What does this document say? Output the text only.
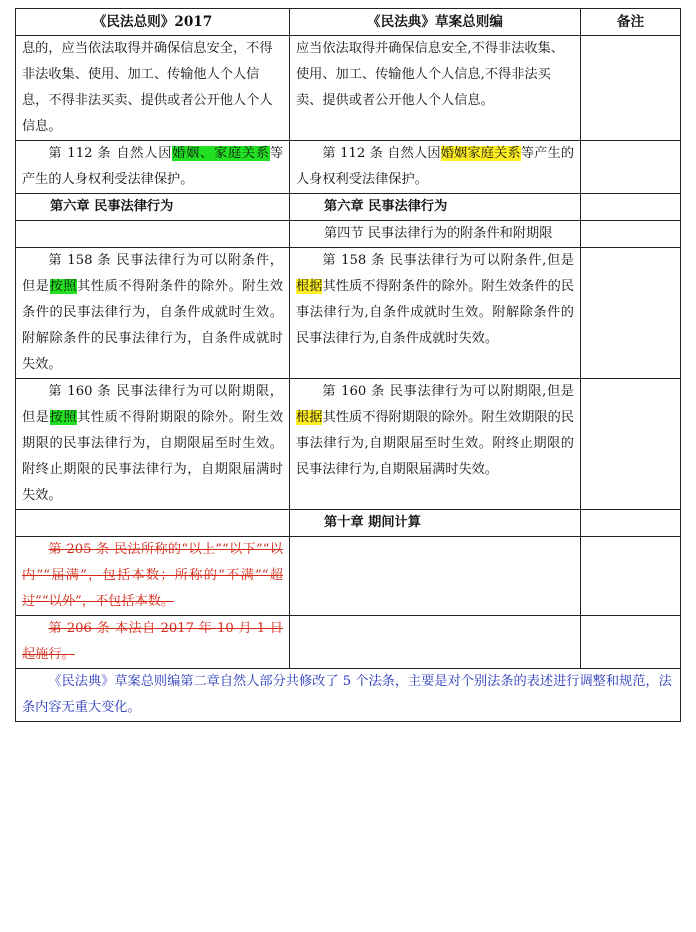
《民法总则》2017	《民法典》草案总则编	备注

息的，应当依法取得并确保信息安全，不得非法收集、使用、加工、传输他人个人信息，不得非法买卖、提供或者公开他人个人信息。	应当依法取得并确保信息安全,不得非法收集、使用、加工、传输他人个人信息,不得非法买卖、提供或者公开他人个人信息。	

第 112 条 自然人因婚姻、家庭关系等产生的人身权利受法律保护。	第 112 条 自然人因婚姻家庭关系等产生的人身权利受法律保护。	

第六章 民事法律行为	第六章 民事法律行为	
	第四节 民事法律行为的附条件和附期限	

第 158 条 民事法律行为可以附条件，但是按照其性质不得附条件的除外。附生效条件的民事法律行为，自条件成就时生效。附解除条件的民事法律行为，自条件成就时失效。	第 158 条 民事法律行为可以附条件,但是根据其性质不得附条件的除外。附生效条件的民事法律行为,自条件成就时生效。附解除条件的民事法律行为,自条件成就时失效。	

第 160 条 民事法律行为可以附期限，但是按照其性质不得附期限的除外。附生效期限的民事法律行为，自期限届至时生效。附终止期限的民事法律行为，自期限届满时失效。	第 160 条 民事法律行为可以附期限,但是根据其性质不得附期限的除外。附生效期限的民事法律行为,自期限届至时生效。附终止期限的民事法律行为,自期限届满时失效。	

	第十章 期间计算	

第 205 条 民法所称的“以上”“以下”“以内”“届满”，包括本数；所称的“不满”“超过”“以外”，不包括本数。		

第 206 条 本法自 2017 年 10 月 1 日起施行。		

《民法典》草案总则编第二章自然人部分共修改了 5 个法条，主要是对个别法条的表述进行调整和规范，法条内容无重大变化。		
